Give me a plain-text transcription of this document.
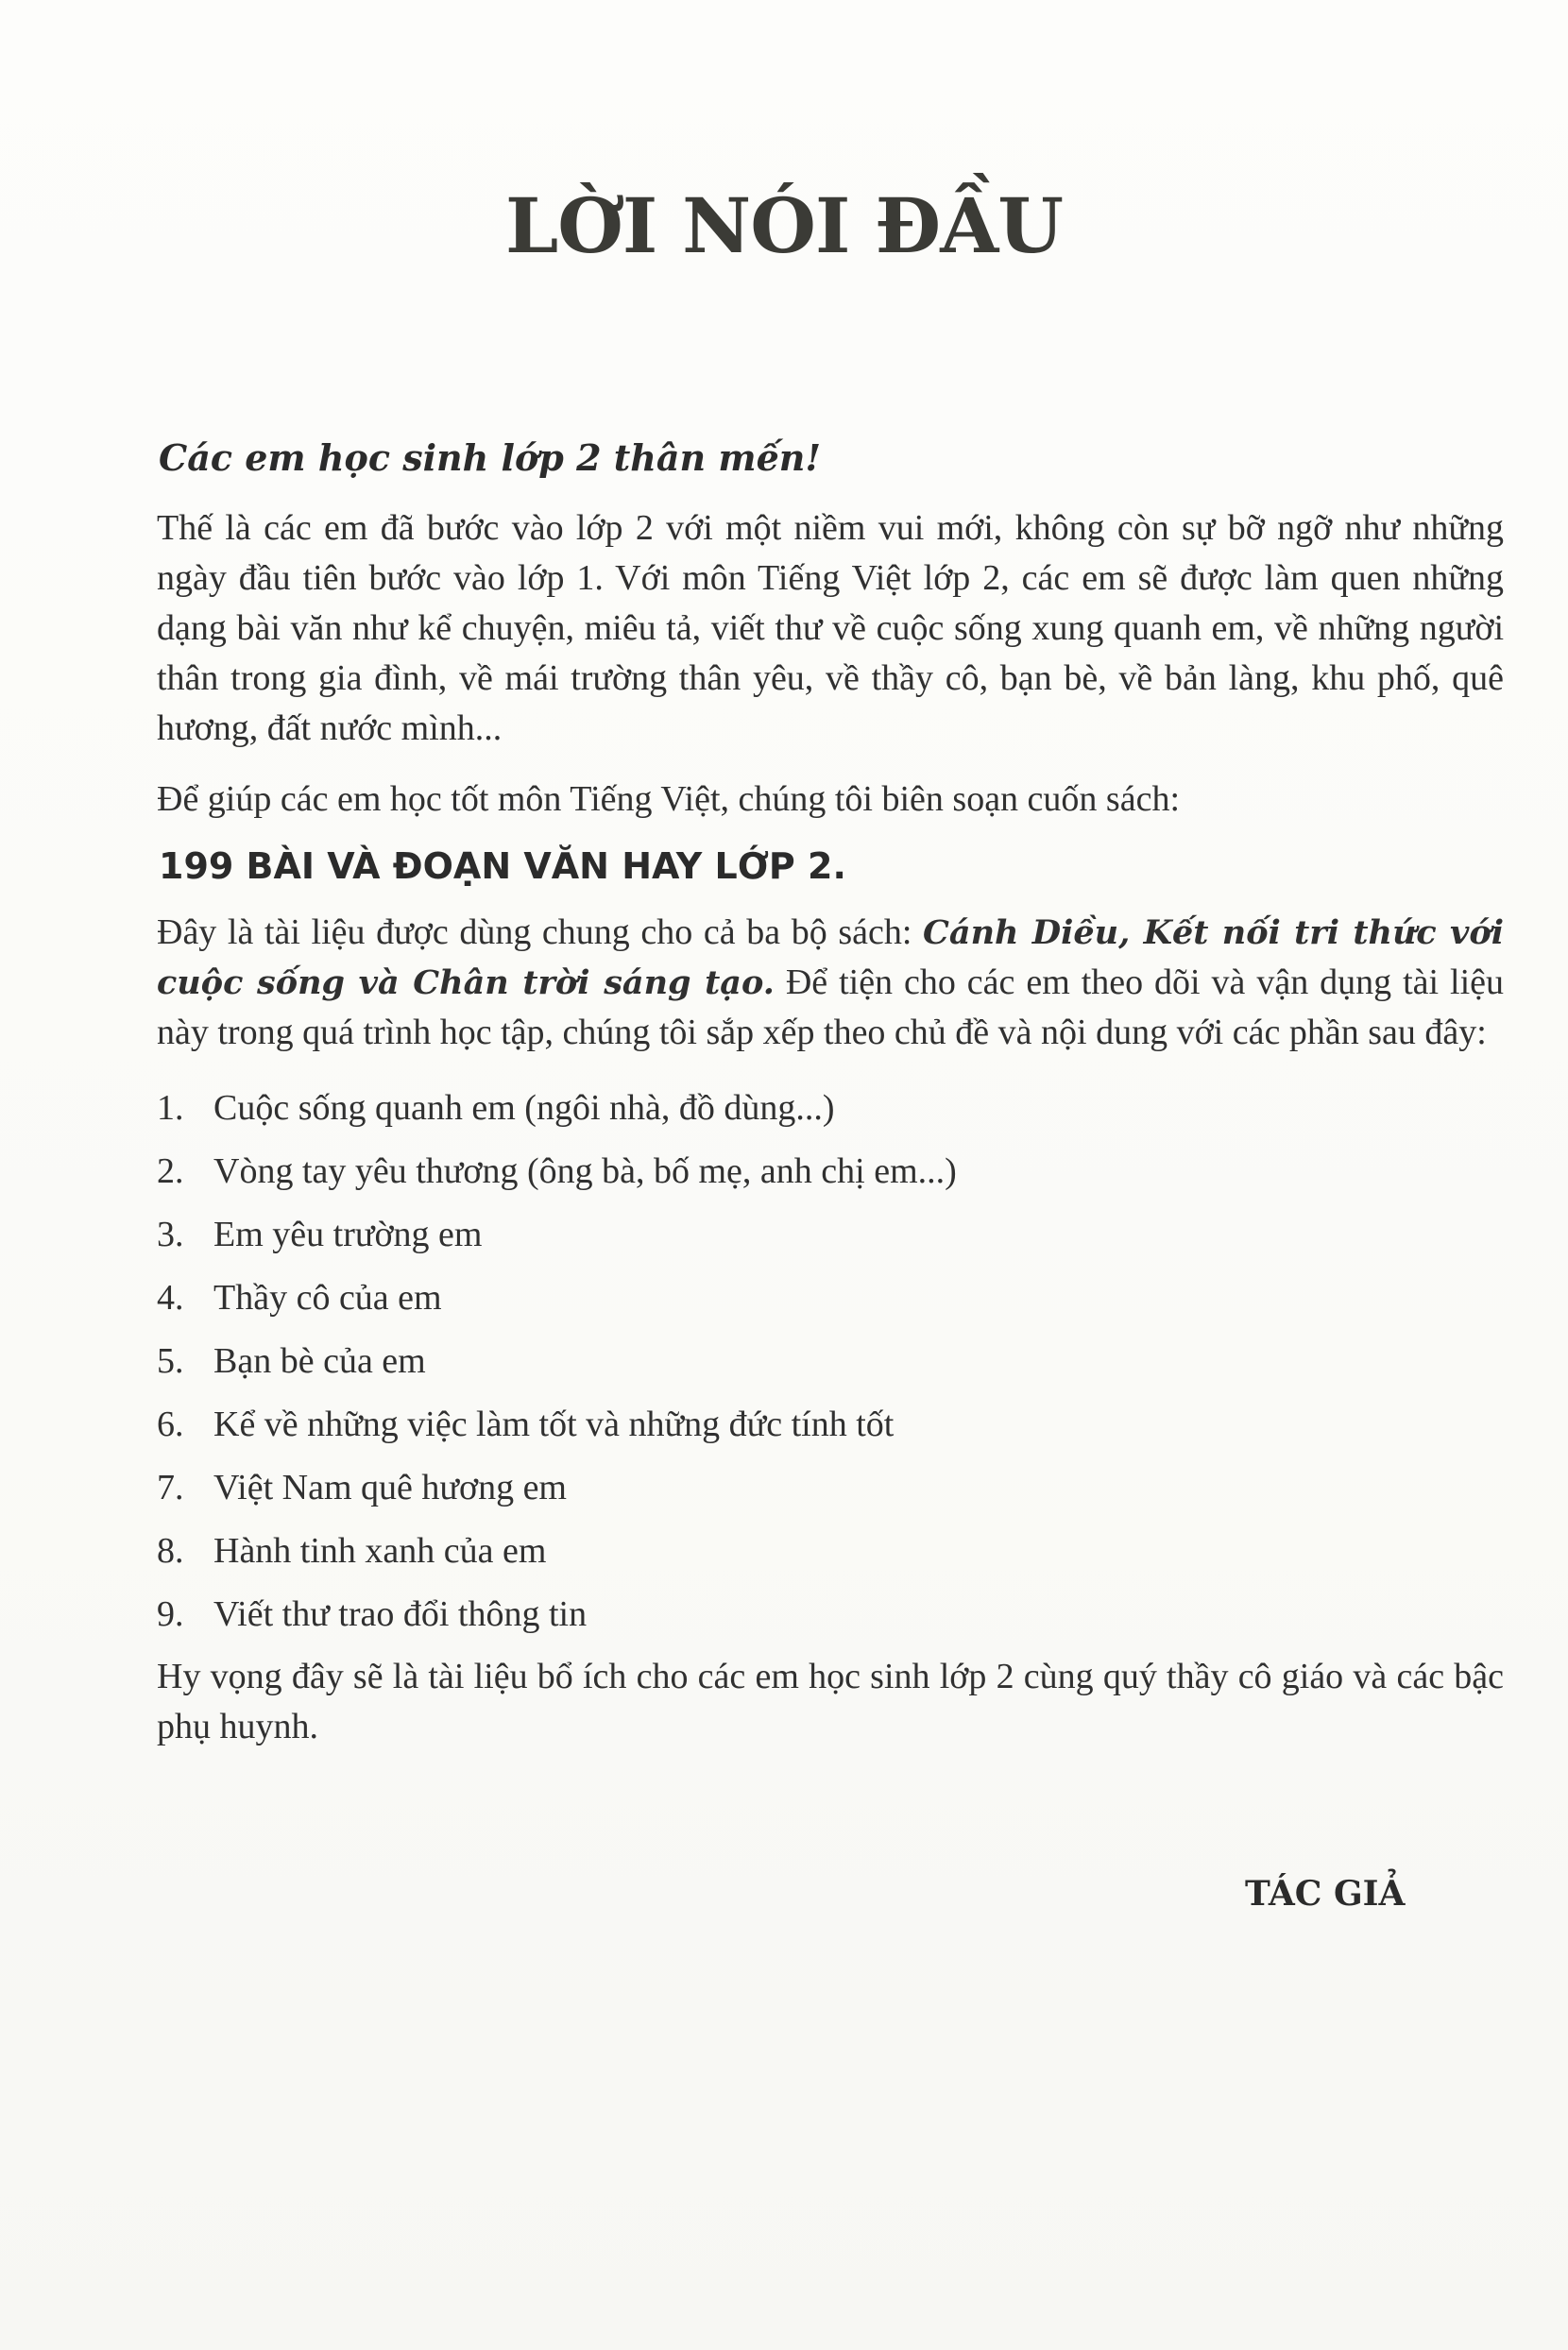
LỜI NÓI ĐẦU

Các em học sinh lớp 2 thân mến!

Thế là các em đã bước vào lớp 2 với một niềm vui mới, không còn sự bỡ ngỡ như những ngày đầu tiên bước vào lớp 1. Với môn Tiếng Việt lớp 2, các em sẽ được làm quen những dạng bài văn như kể chuyện, miêu tả, viết thư về cuộc sống xung quanh em, về những người thân trong gia đình, về mái trường thân yêu, về thầy cô, bạn bè, về bản làng, khu phố, quê hương, đất nước mình...

Để giúp các em học tốt môn Tiếng Việt, chúng tôi biên soạn cuốn sách:

199 BÀI VÀ ĐOẠN VĂN HAY LỚP 2.

Đây là tài liệu được dùng chung cho cả ba bộ sách: Cánh Diều, Kết nối tri thức với cuộc sống và Chân trời sáng tạo. Để tiện cho các em theo dõi và vận dụng tài liệu này trong quá trình học tập, chúng tôi sắp xếp theo chủ đề và nội dung với các phần sau đây:

1. Cuộc sống quanh em (ngôi nhà, đồ dùng...)
2. Vòng tay yêu thương (ông bà, bố mẹ, anh chị em...)
3. Em yêu trường em
4. Thầy cô của em
5. Bạn bè của em
6. Kể về những việc làm tốt và những đức tính tốt
7. Việt Nam quê hương em
8. Hành tinh xanh của em
9. Viết thư trao đổi thông tin

Hy vọng đây sẽ là tài liệu bổ ích cho các em học sinh lớp 2 cùng quý thầy cô giáo và các bậc phụ huynh.

TÁC GIẢ
